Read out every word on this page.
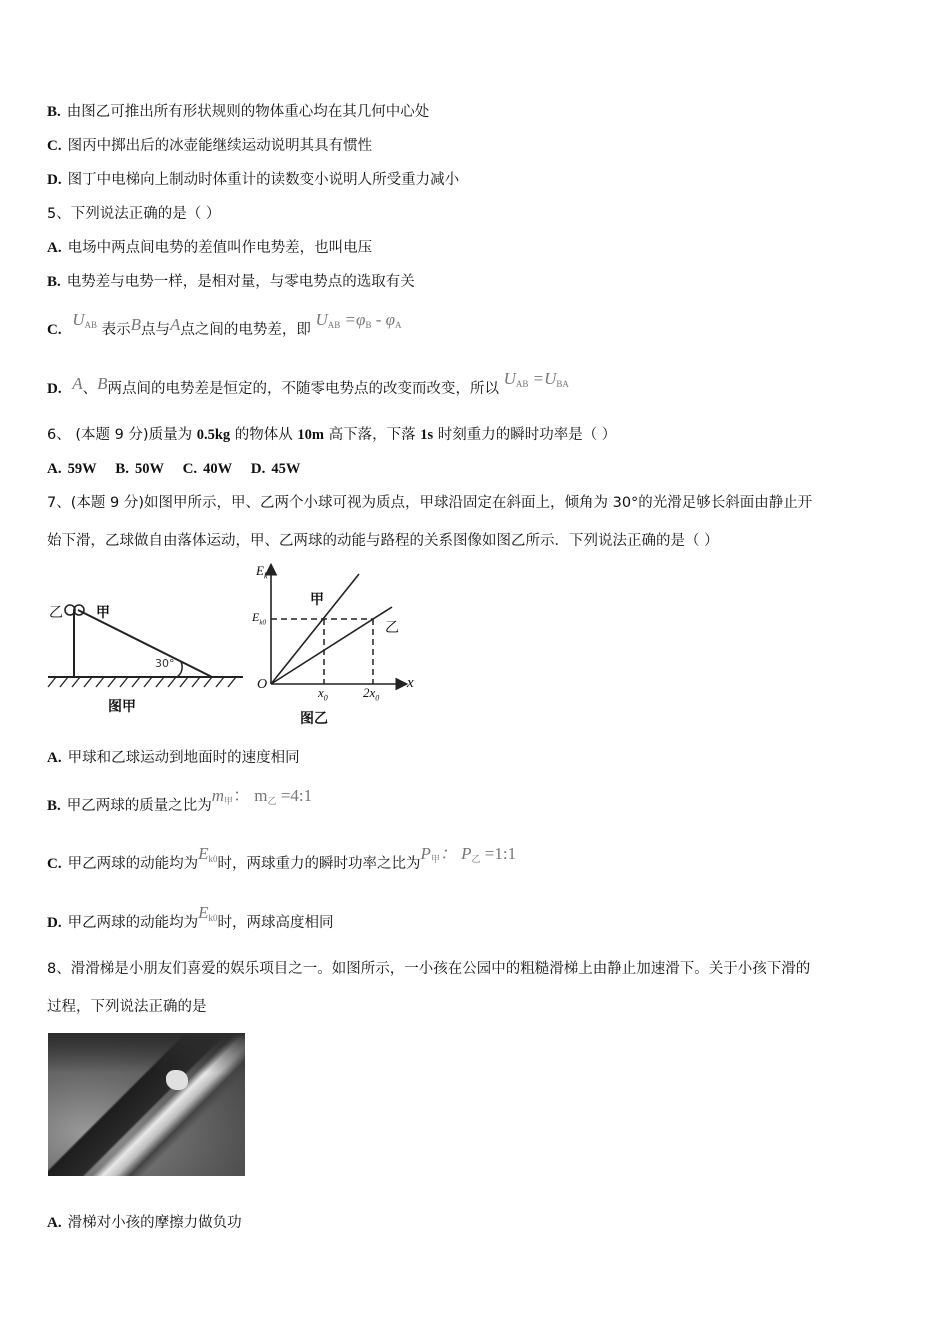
B. 由图乙可推出所有形状规则的物体重心均在其几何中心处
C. 图丙中掷出后的冰壶能继续运动说明其具有惯性
D. 图丁中电梯向上制动时体重计的读数变小说明人所受重力减小
5、下列说法正确的是（ ）
A. 电场中两点间电势的差值叫作电势差，也叫电压
B. 电势差与电势一样，是相对量，与零电势点的选取有关
C. UAB 表示B点与A点之间的电势差，即 UAB =φB - φA
D. A、B两点间的电势差是恒定的，不随零电势点的改变而改变，所以 UAB =UBA
6、 (本题 9 分)质量为 0.5kg 的物体从 10m 高下落，下落 1s 时刻重力的瞬时功率是（ ）
A. 59W B. 50W C. 40W D. 45W
7、(本题 9 分)如图甲所示，甲、乙两个小球可视为质点，甲球沿固定在斜面上，倾角为 30°的光滑足够长斜面由静止开
始下滑，乙球做自由落体运动，甲、乙两球的动能与路程的关系图像如图乙所示．下列说法正确的是（ ）
乙 甲
30°
图甲
$E_k$
$E_{k0}$
甲
乙
O
$x_0$	$2x_0$
x
图乙
A. 甲球和乙球运动到地面时的速度相同
B. 甲乙两球的质量之比为m甲： m乙 =4:1
C. 甲乙两球的动能均为Ek0时，两球重力的瞬时功率之比为P甲： P乙 =1:1
D. 甲乙两球的动能均为Ek0时，两球高度相同
8、滑滑梯是小朋友们喜爱的娱乐项目之一。如图所示，一小孩在公园中的粗糙滑梯上由静止加速滑下。关于小孩下滑的
过程，下列说法正确的是
A. 滑梯对小孩的摩擦力做负功
